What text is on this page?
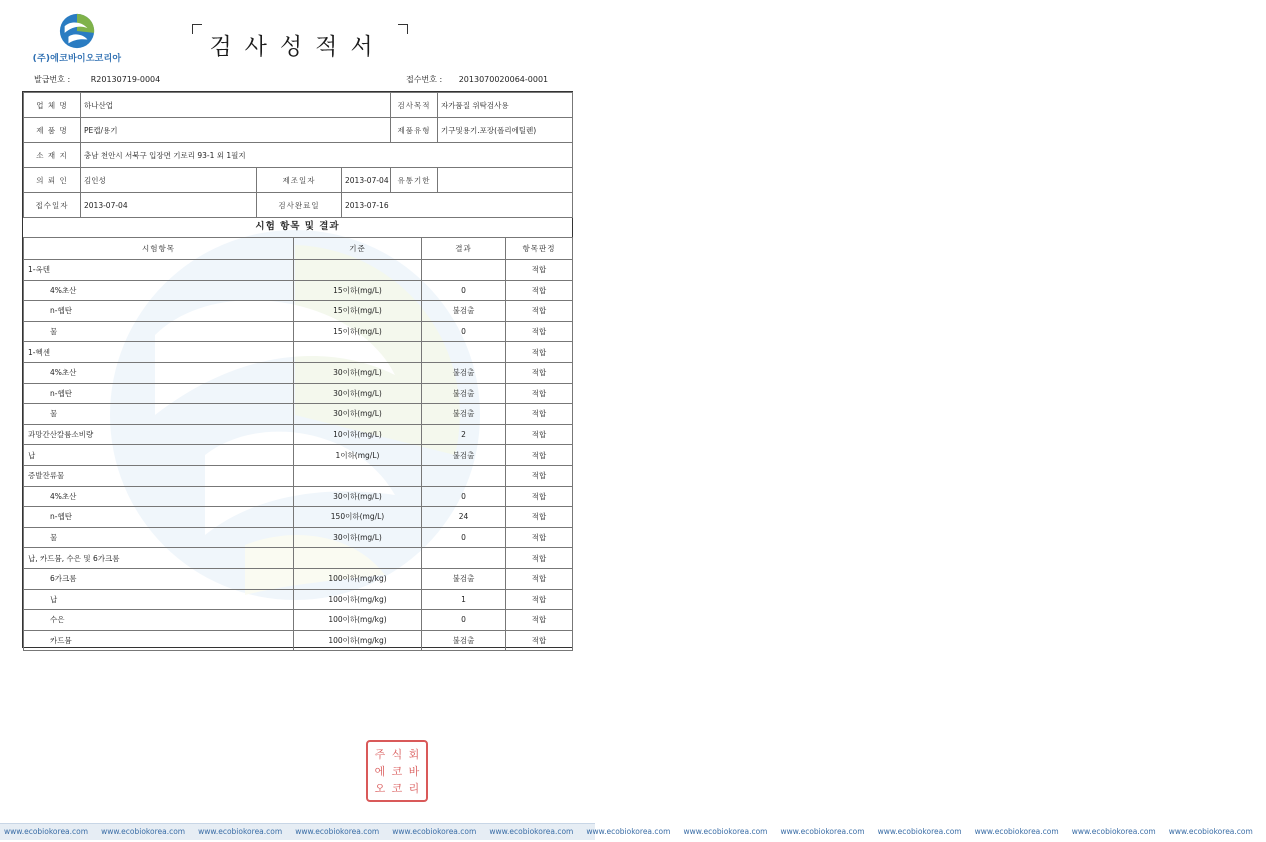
(주)에코바이오코리아	검사성적서
발급번호 :	R20130719-0004	접수번호 : 2013070020064-0001
업 체 명	하나산업			검사목적	자가품질 위탁검사용
제 품 명	PE캡/용기			제품유형	기구및용기.포장(폴리에틸렌)
소 재 지	충남 천안시 서북구 입장면 기로리 93-1 외 1필지				
의 뢰 인	김인성	제조일자	2013-07-04	유통기한	
접수일자	2013-07-04	검사완료일	2013-07-16		
시험 항목 및 결과
시험항목	기준	결과	항목판정
1-옥텐			적합
4%초산	15이하(mg/L)	0	적합
n-헵탄	15이하(mg/L)	불검출	적합
물	15이하(mg/L)	0	적합
1-헥센			적합
4%초산	30이하(mg/L)	불검출	적합
n-헵탄	30이하(mg/L)	불검출	적합
물	30이하(mg/L)	불검출	적합
과망간산칼륨소비량	10이하(mg/L)	2	적합
납	1이하(mg/L)	불검출	적합
증발잔류물			적합
4%초산	30이하(mg/L)	0	적합
n-헵탄	150이하(mg/L)	24	적합
물	30이하(mg/L)	0	적합
납, 카드뮴, 수은 및 6가크롬			적합
6가크롬	100이하(mg/kg)	불검출	적합
납	100이하(mg/kg)	1	적합
수은	100이하(mg/kg)	0	적합
카드뮴	100이하(mg/kg)	불검출	적합
주 식 회
에 코 바
오 코 리
www.ecobiokorea.com www.ecobiokorea.com www.ecobiokorea.com www.ecobiokorea.com www.ecobiokorea.com www.ecobiokorea.com www.ecobiokorea.com www.ecobiokorea.com www.ecobiokorea.com www.ecobiokorea.com www.ecobiokorea.com www.ecobiokorea.com www.ecobiokorea.com
